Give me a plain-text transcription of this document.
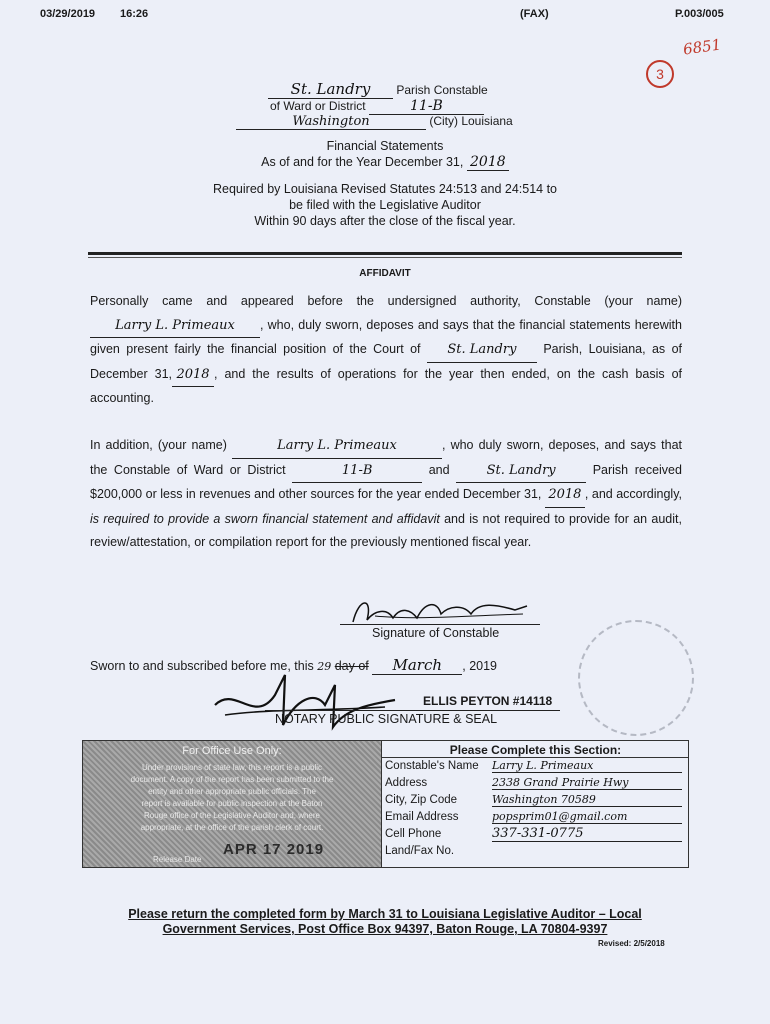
03/29/2019 16:26	(FAX)	P.003/005
6851
3
St. Landry Parish Constable
of Ward or District	11-B
Washington	(City) Louisiana
Financial Statements
As of and for the Year December 31, 2018
Required by Louisiana Revised Statutes 24:513 and 24:514 to
be filed with the Legislative Auditor
Within 90 days after the close of the fiscal year.
AFFIDAVIT
Personally came and appeared before the undersigned authority, Constable (your name) Larry L. Primeaux , who, duly sworn, deposes and says that the financial statements herewith given present fairly the financial position of the Court of St. Landry Parish, Louisiana, as of December 31, 2018 , and the results of operations for the year then ended, on the cash basis of accounting.
In addition, (your name)	Larry L. Primeaux	, who duly sworn, deposes, and says that the Constable of Ward or District	11-B	and	St. Landry	Parish received $200,000 or less in revenues and other sources for the year ended December 31, 2018 , and accordingly, is required to provide a sworn financial statement and affidavit and is not required to provide for an audit, review/attestation, or compilation report for the previously mentioned fiscal year.
Signature of Constable
Sworn to and subscribed before me, this 29 day of March , 2019
ELLIS PEYTON #14118
NOTARY PUBLIC SIGNATURE & SEAL
For Office Use Only:
Under provisions of state law, this report is a public
document. A copy of the report has been submitted to the
entity and other appropriate public officials. The
report is available for public inspection at the Baton
Rouge office of the Legislative Auditor and, where
appropriate, at the office of the parish clerk of court.
APR 17 2019
Release Date
Please Complete this Section:
Constable's Name Larry L. Primeaux
Address	2338 Grand Prairie Hwy
City, Zip Code	Washington 70589
Email Address	popsprim01@gmail.com
Cell Phone	337-331-0775
Land/Fax No.
Please return the completed form by March 31 to Louisiana Legislative Auditor – Local
Government Services, Post Office Box 94397, Baton Rouge, LA 70804-9397
Revised: 2/5/2018
